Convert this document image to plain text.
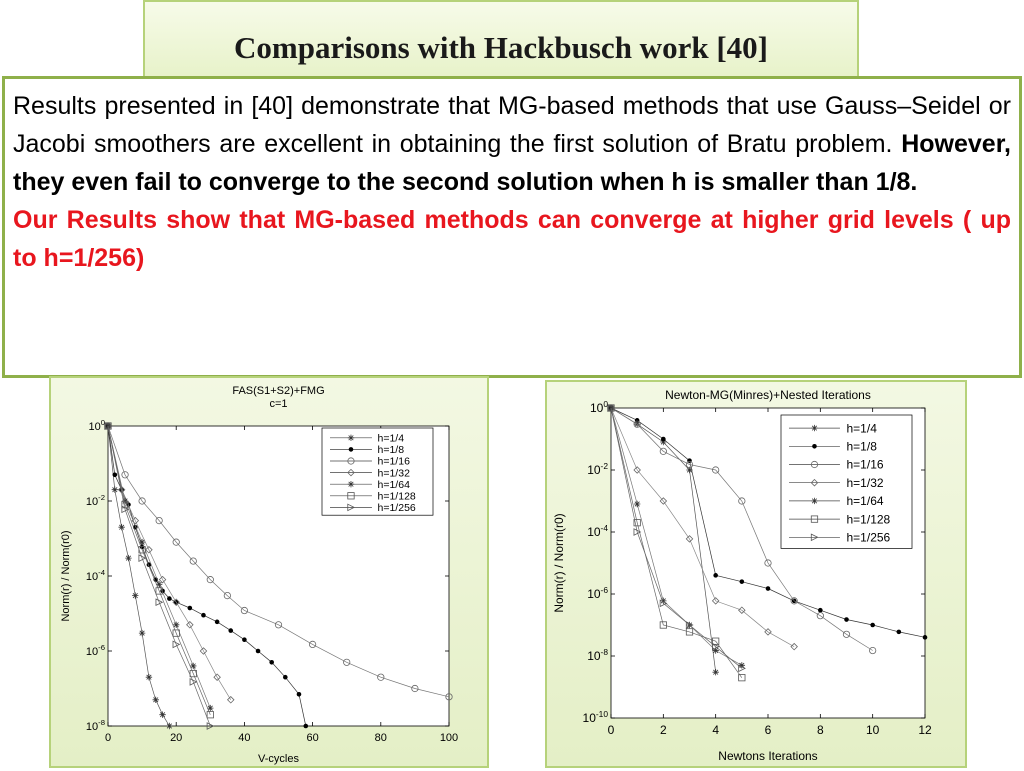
Comparisons with Hackbusch work [40]

Results presented in [40] demonstrate that MG-based methods that use Gauss–Seidel or Jacobi smoothers are excellent in obtaining the first solution of Bratu problem. However, they even fail to converge to the second solution when h is smaller than 1/8.

Our Results show that MG-based methods can converge at higher grid levels ( up to h=1/256)

FAS(S1+S2)+FMG
c=1
0	20	40	60	80	100
$10^0$
$10^{-2}$
$10^{-4}$
$10^{-6}$
$10^{-8}$
V-cycles
Norm(r) / Norm(r0)
h=1/4
h=1/8
h=1/16
h=1/32
h=1/64
h=1/128
h=1/256
Newton-MG(Minres)+Nested Iterations
0	2	4	6	8	10	12
$10^0$
$10^{-2}$
$10^{-4}$
$10^{-6}$
$10^{-8}$
$10^{-10}$
Newtons Iterations
Norm(r) / Norm(r0)
h=1/4
h=1/8
h=1/16
h=1/32
h=1/64
h=1/128
h=1/256
